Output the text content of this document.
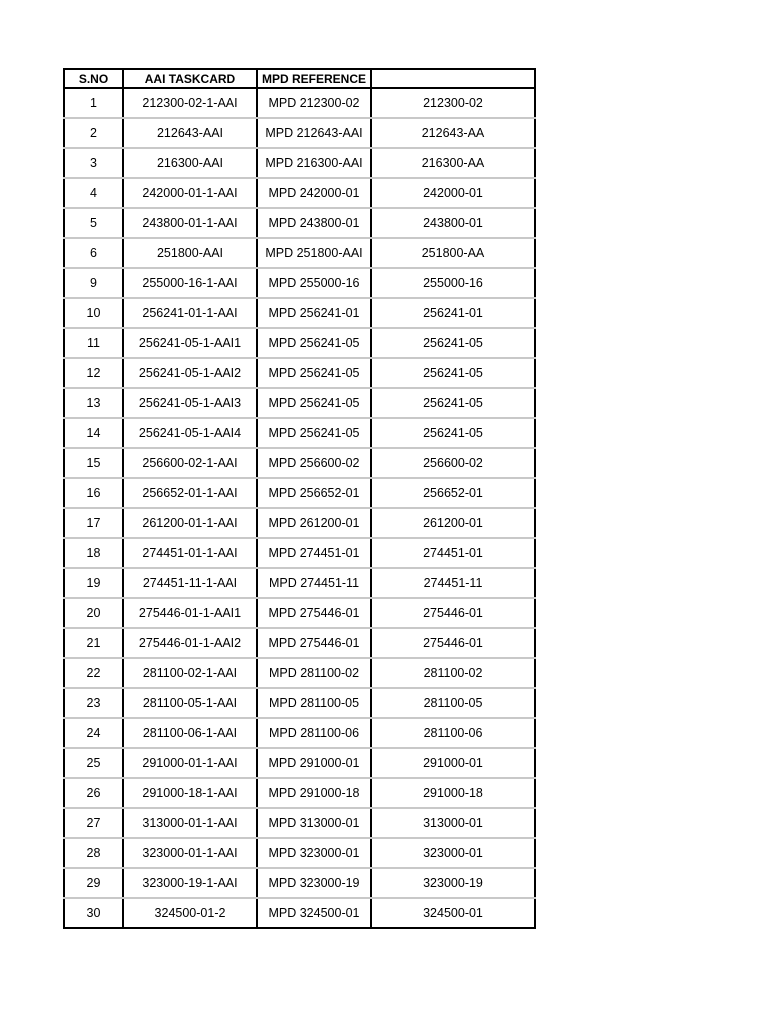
S.NO	AAI TASKCARD	MPD REFERENCE	
1	212300-02-1-AAI	MPD 212300-02	212300-02
2	212643-AAI	MPD 212643-AAI	212643-AA
3	216300-AAI	MPD 216300-AAI	216300-AA
4	242000-01-1-AAI	MPD 242000-01	242000-01
5	243800-01-1-AAI	MPD 243800-01	243800-01
6	251800-AAI	MPD 251800-AAI	251800-AA
9	255000-16-1-AAI	MPD 255000-16	255000-16
10	256241-01-1-AAI	MPD 256241-01	256241-01
11	256241-05-1-AAI1	MPD 256241-05	256241-05
12	256241-05-1-AAI2	MPD 256241-05	256241-05
13	256241-05-1-AAI3	MPD 256241-05	256241-05
14	256241-05-1-AAI4	MPD 256241-05	256241-05
15	256600-02-1-AAI	MPD 256600-02	256600-02
16	256652-01-1-AAI	MPD 256652-01	256652-01
17	261200-01-1-AAI	MPD 261200-01	261200-01
18	274451-01-1-AAI	MPD 274451-01	274451-01
19	274451-11-1-AAI	MPD 274451-11	274451-11
20	275446-01-1-AAI1	MPD 275446-01	275446-01
21	275446-01-1-AAI2	MPD 275446-01	275446-01
22	281100-02-1-AAI	MPD 281100-02	281100-02
23	281100-05-1-AAI	MPD 281100-05	281100-05
24	281100-06-1-AAI	MPD 281100-06	281100-06
25	291000-01-1-AAI	MPD 291000-01	291000-01
26	291000-18-1-AAI	MPD 291000-18	291000-18
27	313000-01-1-AAI	MPD 313000-01	313000-01
28	323000-01-1-AAI	MPD 323000-01	323000-01
29	323000-19-1-AAI	MPD 323000-19	323000-19
30	324500-01-2	MPD 324500-01	324500-01
